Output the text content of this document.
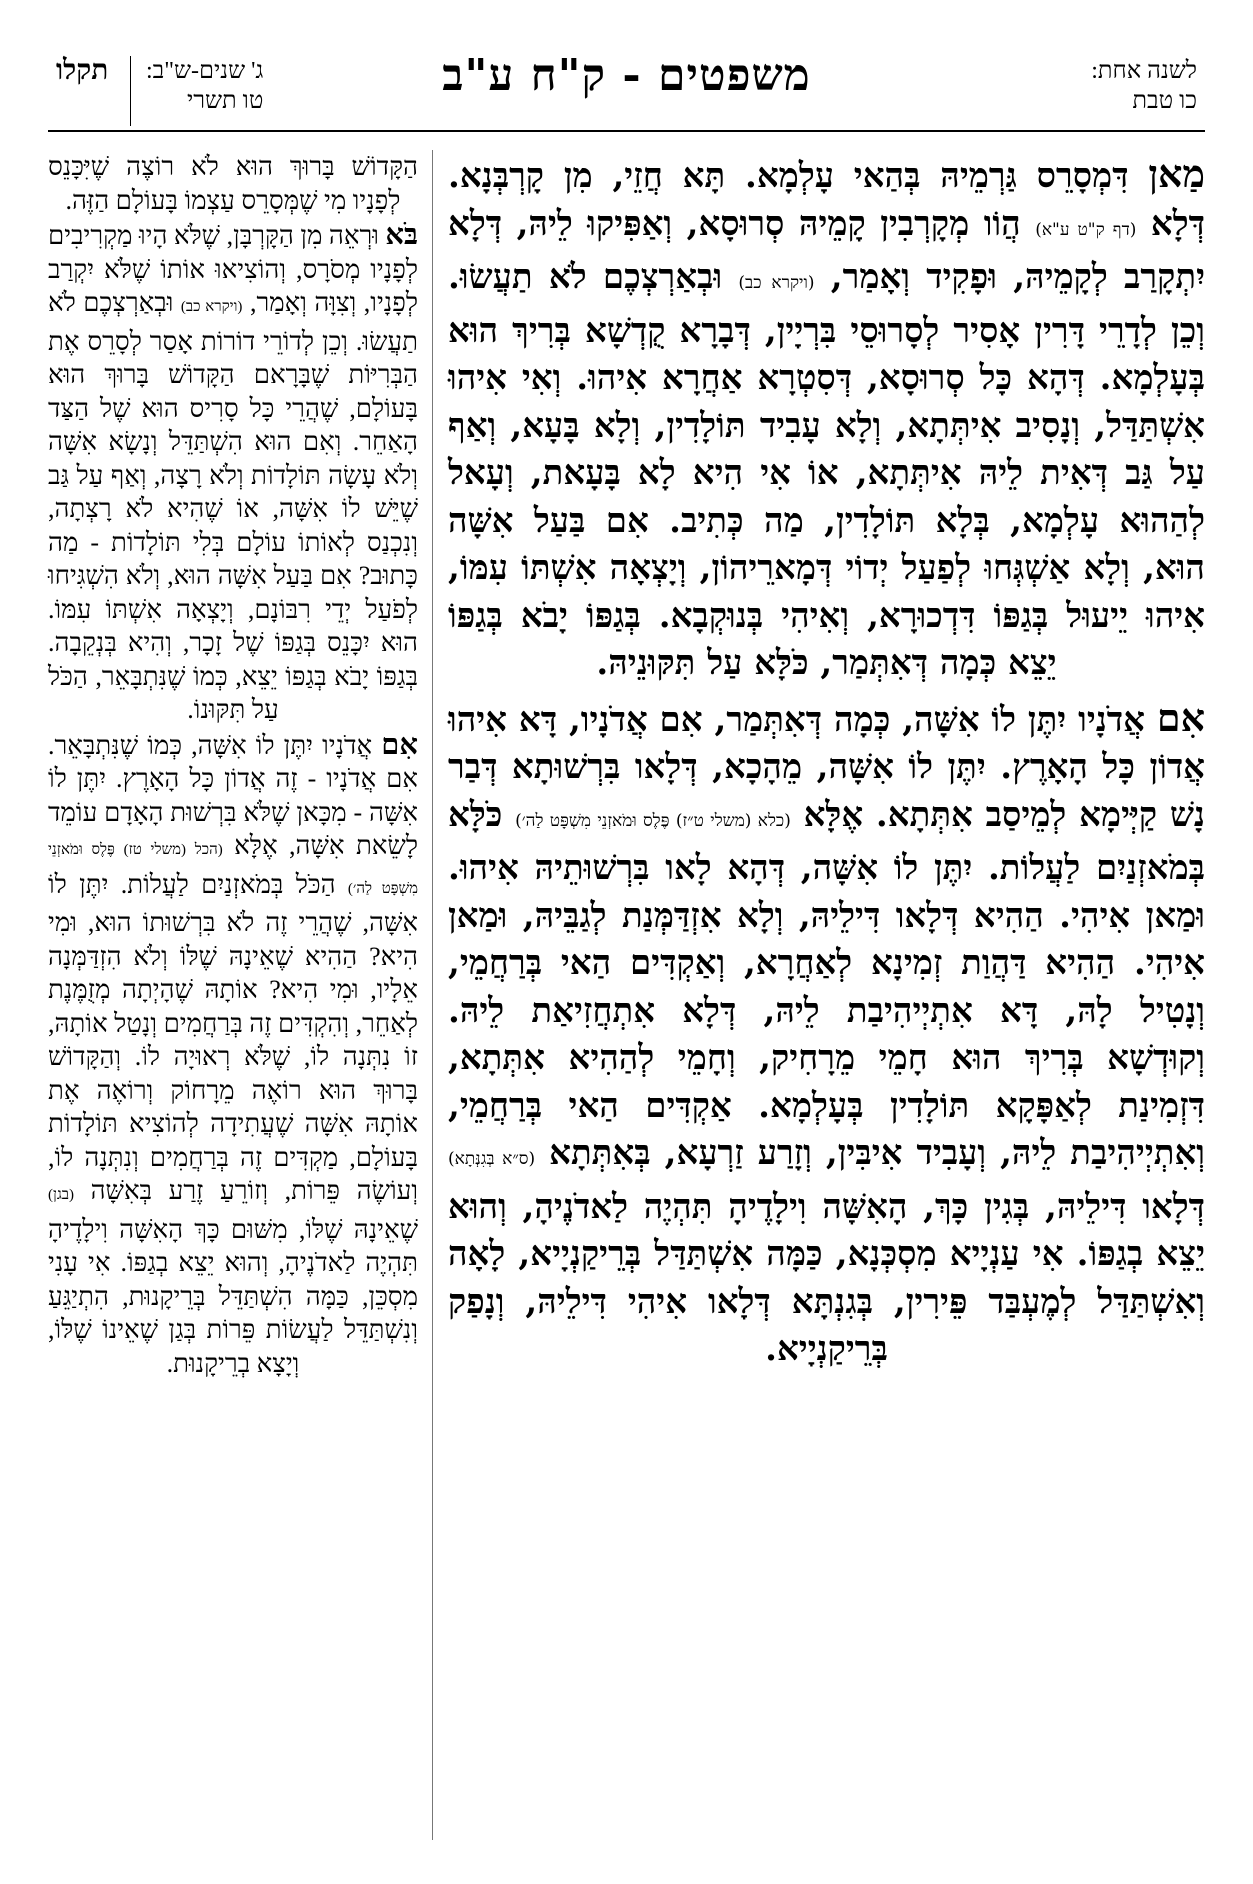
לשנה אחת:
כו טבת
משפטים - ק"ח ע"ב
תקלו ג' שנים-ש"ב:
טו תשרי

מַאן דִּמְסָרֵס גַּרְמֵיהּ בְּהַאי עָלְמָא. תָּא חֲזֵי, מִן קָרְבְּנָא. דְּלָא (דף ק"ט ע"א) הֲוֹו מְקָרְבִין קָמֵיהּ סְרוּסָא, וְאַפִּיקוּ לֵיהּ, דְּלָא יִתְקָרַב לְקָמֵיהּ, וּפָקִיד וְאָמַר, (ויקרא כב) וּבְאַרְצְכֶם לֹא תַעֲשׂוּ. וְכֵן לְדָרֵי דָּרִין אָסִיר לְסָרוּסֵי בִּרְיָין, דְּבָרָא קֻדְשָׁא בְּרִיךְ הוּא בְּעָלְמָא. דְּהָא כָּל סְרוּסָא, דְּסִטְרָא אַחֲרָא אִיהוּ. וְאִי אִיהוּ אִשְׁתַּדַּל, וְנָסִיב אִיתְּתָא, וְלָא עָבִיד תּוֹלָדִין, וְלָא בָּעָא, וְאַף עַל גַּב דְּאִית לֵיהּ אִיתְּתָא, אוֹ אִי הִיא לָא בָּעָאת, וְעָאל לְהַהוּא עָלְמָא, בְּלָא תּוֹלָדִין, מַה כְּתִיב. אִם בַּעַל אִשָּׁה הוּא, וְלָא אַשְׁגְּחוּ לְפַעַל יְדוֹי דְּמָארֵיהוֹן, וְיָצְאָה אִשְׁתּוֹ עִמּוֹ, אִיהוּ יֵיעוּל בְּגַפּוֹ דִּדְכוּרָא, וְאִיהִי בְּנוּקְבָא. בְּגַפּוֹ יָבֹא בְּגַפּוֹ יֵצֵא כְּמָה דְּאִתְּמַר, כֹּלָּא עַל תִּקּוּנֵיהּ.

אִם אֲדֹנָיו יִתֶּן לוֹ אִשָּׁה, כְּמָה דְּאִתְּמַר, אִם אֲדֹנָיו, דָּא אִיהוּ אֲדוֹן כָּל הָאָרֶץ. יִתֶּן לוֹ אִשָּׁה, מֵהָכָא, דְּלָאו בִּרְשׁוּתָא דְּבַר נָשׁ קַיְּימָא לְמֵיסַב אִתְּתָא. אֶלָּא (כלא (משלי ט״ז) פֶּלֶס וּמֹאזְנֵי מִשְׁפָּט לַה׳) כֹּלָּא בְּמֹאזְנַיִם לַעֲלוֹת. יִתֶּן לוֹ אִשָּׁה, דְּהָא לָאו בִּרְשׁוּתֵיהּ אִיהוּ. וּמַאן אִיהִי. הַהִיא דְּלָאו דִּילֵיהּ, וְלָא אִזְדַּמְּנַת לְגַבֵּיהּ, וּמַאן אִיהִי. הַהִיא דַּהֲוַת זְמִינָא לְאַחֲרָא, וְאַקְדִּים הַאי בְּרַחֲמֵי, וְנָטִיל לָהּ, דָּא אִתְיְיהִיבַת לֵיהּ, דְּלָא אִתְחֲזִיאַת לֵיהּ. וְקוּדְשָׁא בְּרִיךְ הוּא חָמֵי מֵרָחִיק, וְחָמֵי לְהַהִיא אִתְּתָא, דִּזְמִינַת לְאַפָּקָא תּוֹלָדִין בְּעָלְמָא. אַקְדִּים הַאי בְּרַחֲמֵי, וְאִתְיְיהִיבַת לֵיהּ, וְעָבִיד אִיבִּין, וְזָרַע זַרְעָא, בְּאִתְּתָא (ס״א בְּגִנְּתָא) דְּלָאו דִּילֵיהּ, בְּגִין כָּךְ, הָאִשָּׁה וִילָדֶיהָ תִּהְיֶה לַאדֹנֶיהָ, וְהוּא יֵצֵא בְגַפּוֹ. אִי עַנְיָיא מִסְכְּנָא, כַּמָּה אִשְׁתַּדַּל בְּרֵיקַנְיָיא, לָאָה וְאִשְׁתַּדַּל לְמֶעְבַּד פֵּירִין, בְּגִנְתָּא דְּלָאו אִיהִי דִּילֵיהּ, וְנָפַק בְּרֵיקַנְיָיא.

הַקָּדוֹשׁ בָּרוּךְ הוּא לֹא רוֹצֶה שֶׁיִּכָּנֵס לְפָנָיו מִי שֶׁמְּסָרֵס עַצְמוֹ בָּעוֹלָם הַזֶּה.

בֹּא וּרְאֵה מִן הַקָּרְבָּן, שֶׁלֹּא הָיוּ מַקְרִיבִים לְפָנָיו מְסֹרָס, וְהוֹצִיאוּ אוֹתוֹ שֶׁלֹּא יִקְרַב לְפָנָיו, וְצִוָּה וְאָמַר, (ויקרא כב) וּבְאַרְצְכֶם לֹא תַעֲשׂוּ. וְכֵן לְדוֹרֵי דוֹרוֹת אָסַר לְסָרֵס אֶת הַבְּרִיּוֹת שֶׁבָּרָאם הַקָּדוֹשׁ בָּרוּךְ הוּא בָּעוֹלָם, שֶׁהֲרֵי כָּל סָרִיס הוּא שֶׁל הַצַּד הָאַחֵר. וְאִם הוּא הִשְׁתַּדֵּל וְנָשָׂא אִשָּׁה וְלֹא עָשָׂה תּוֹלָדוֹת וְלֹא רָצָה, וְאַף עַל גַּב שֶׁיֵּשׁ לוֹ אִשָּׁה, אוֹ שֶׁהִיא לֹא רָצְתָה, וְנִכְנַס לְאוֹתוֹ עוֹלָם בְּלִי תּוֹלָדוֹת - מַה כָּתוּב? אִם בַּעַל אִשָּׁה הוּא, וְלֹא הִשְׁגִּיחוּ לְפֹעַל יְדֵי רִבּוֹנָם, וְיָצְאָה אִשְׁתּוֹ עִמּוֹ. הוּא יִכָּנֵס בְּגַפּוֹ שֶׁל זָכָר, וְהִיא בְּנְקֵבָה. בְּגַפּוֹ יָבֹא בְּגַפּוֹ יֵצֵא, כְּמוֹ שֶׁנִּתְבָּאֵר, הַכֹּל עַל תִּקּוּנוֹ.

אִם אֲדֹנָיו יִתֶּן לוֹ אִשָּׁה, כְּמוֹ שֶׁנִּתְבָּאֵר. אִם אֲדֹנָיו - זֶה אֲדוֹן כָּל הָאָרֶץ. יִתֶּן לוֹ אִשָּׁה - מִכָּאן שֶׁלֹּא בִּרְשׁוּת הָאָדָם עוֹמֵד לָשֵׂאת אִשָּׁה, אֶלָּא (הכל (משלי טז) פֶּלֶס וּמֹאזְנֵי מִשְׁפָּט לַה׳) הַכֹּל בְּמֹאזְנַיִם לַעֲלוֹת. יִתֶּן לוֹ אִשָּׁה, שֶׁהֲרֵי זֶה לֹא בִּרְשׁוּתוֹ הוּא, וּמִי הִיא? הַהִיא שֶׁאֵינָהּ שֶׁלּוֹ וְלֹא הִזְדַּמְּנָה אֵלָיו, וּמִי הִיא? אוֹתָהּ שֶׁהָיְתָה מְזֻמֶּנֶת לְאַחֵר, וְהִקְדִּים זֶה בְּרַחֲמִים וְנָטַל אוֹתָהּ, זוֹ נִתְּנָה לוֹ, שֶׁלֹּא רְאוּיָה לוֹ. וְהַקָּדוֹשׁ בָּרוּךְ הוּא רוֹאֶה מֵרָחוֹק וְרוֹאֶה אֶת אוֹתָהּ אִשָּׁה שֶׁעֲתִידָה לְהוֹצִיא תּוֹלָדוֹת בָּעוֹלָם, מַקְדִּים זֶה בְּרַחֲמִים וְנִתְּנָה לוֹ, וְעוֹשֶׂה פֵּרוֹת, וְזוֹרֵעַ זֶרַע בְּאִשָּׁה (בגן) שֶׁאֵינָהּ שֶׁלּוֹ, מִשּׁוּם כָּךְ הָאִשָּׁה וִילָדֶיהָ תִּהְיֶה לַאדֹנֶיהָ, וְהוּא יֵצֵא בְגַפּוֹ. אִי עָנִי מִסְכֵּן, כַּמָּה הִשְׁתַּדֵּל בְּרֵיקָנוּת, הִתְיַגֵּעַ וְנִשְׁתַּדֵּל לַעֲשׂוֹת פֵּרוֹת בְּגַן שֶׁאֵינוֹ שֶׁלּוֹ, וְיָצָא בְרֵיקָנוּת.
